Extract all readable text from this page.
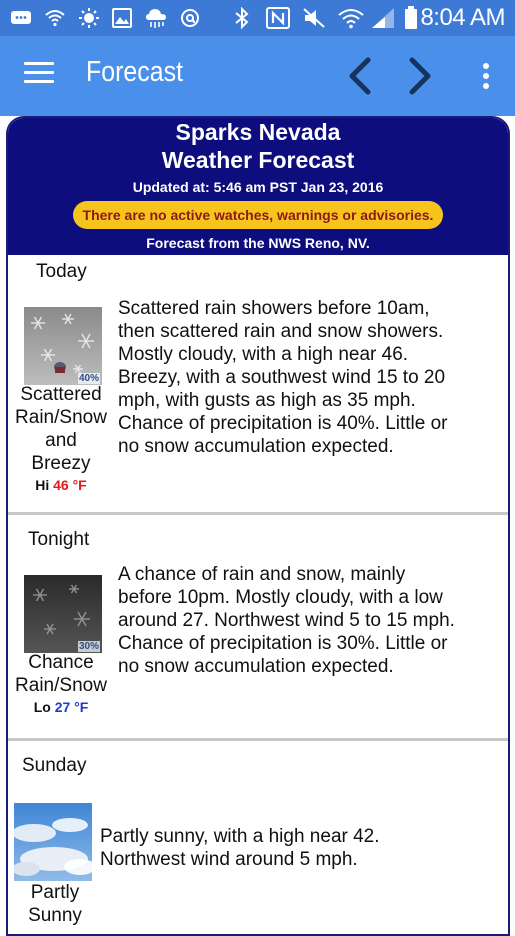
8:04 AM
Forecast
Sparks Nevada
Weather Forecast
Updated at: 5:46 am PST Jan 23, 2016
There are no active watches, warnings or advisories.
Forecast from the NWS Reno, NV.
Today
40%
Scattered
Rain/Snow
and
Breezy
Hi 46 °F
Scattered rain showers before 10am,
then scattered rain and snow showers.
Mostly cloudy, with a high near 46.
Breezy, with a southwest wind 15 to 20
mph, with gusts as high as 35 mph.
Chance of precipitation is 40%. Little or
no snow accumulation expected.
Tonight
30%
Chance
Rain/Snow
Lo 27 °F
A chance of rain and snow, mainly
before 10pm. Mostly cloudy, with a low
around 27. Northwest wind 5 to 15 mph.
Chance of precipitation is 30%. Little or
no snow accumulation expected.
Sunday
Partly
Sunny
Partly sunny, with a high near 42.
Northwest wind around 5 mph.
